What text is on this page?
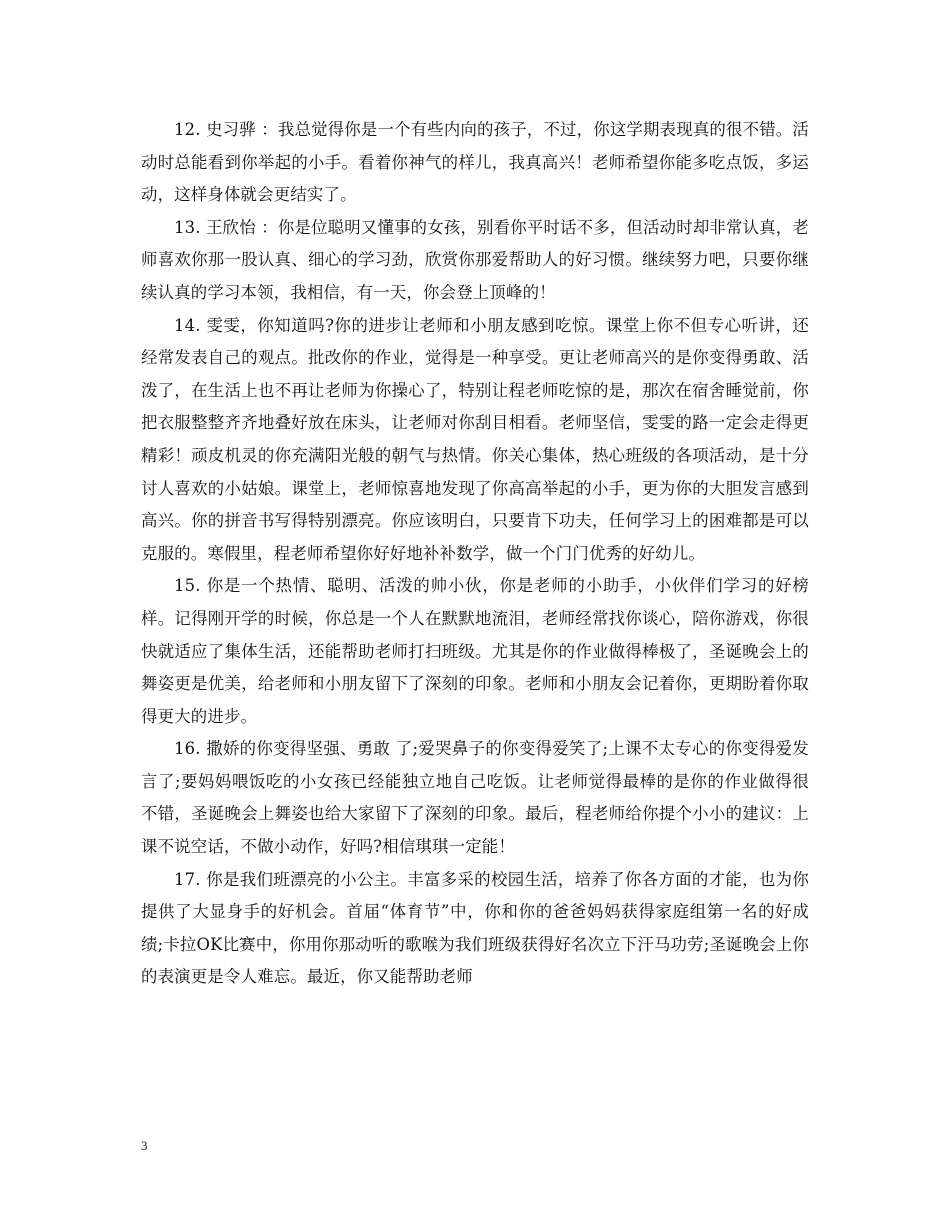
12. 史习骅 ：我总觉得你是一个有些内向的孩子，不过，你这学期表现真的很不错。活动时总能看到你举起的小手。看着你神气的样儿，我真高兴！老师希望你能多吃点饭，多运动，这样身体就会更结实了。

13. 王欣怡 ：你是位聪明又懂事的女孩，别看你平时话不多，但活动时却非常认真，老师喜欢你那一股认真、细心的学习劲，欣赏你那爱帮助人的好习惯。继续努力吧，只要你继续认真的学习本领，我相信，有一天，你会登上顶峰的！

14. 雯雯，你知道吗?你的进步让老师和小朋友感到吃惊。课堂上你不但专心听讲，还经常发表自己的观点。批改你的作业，觉得是一种享受。更让老师高兴的是你变得勇敢、活泼了，在生活上也不再让老师为你操心了，特别让程老师吃惊的是，那次在宿舍睡觉前，你把衣服整整齐齐地叠好放在床头，让老师对你刮目相看。老师坚信，雯雯的路一定会走得更精彩！顽皮机灵的你充满阳光般的朝气与热情。你关心集体，热心班级的各项活动，是十分讨人喜欢的小姑娘。课堂上，老师惊喜地发现了你高高举起的小手，更为你的大胆发言感到高兴。你的拼音书写得特别漂亮。你应该明白，只要肯下功夫，任何学习上的困难都是可以克服的。寒假里，程老师希望你好好地补补数学，做一个门门优秀的好幼儿。

15. 你是一个热情、聪明、活泼的帅小伙，你是老师的小助手，小伙伴们学习的好榜样。记得刚开学的时候，你总是一个人在默默地流泪，老师经常找你谈心，陪你游戏，你很快就适应了集体生活，还能帮助老师打扫班级。尤其是你的作业做得棒极了，圣诞晚会上的舞姿更是优美，给老师和小朋友留下了深刻的印象。老师和小朋友会记着你，更期盼着你取得更大的进步。

16. 撒娇的你变得坚强、勇敢 了;爱哭鼻子的你变得爱笑了;上课不太专心的你变得爱发言了;要妈妈喂饭吃的小女孩已经能独立地自己吃饭。让老师觉得最棒的是你的作业做得很不错，圣诞晚会上舞姿也给大家留下了深刻的印象。最后，程老师给你提个小小的建议：上课不说空话，不做小动作，好吗?相信琪琪一定能！

17. 你是我们班漂亮的小公主。丰富多采的校园生活，培养了你各方面的才能，也为你提供了大显身手的好机会。首届“体育节”中，你和你的爸爸妈妈获得家庭组第一名的好成绩;卡拉OK比赛中，你用你那动听的歌喉为我们班级获得好名次立下汗马功劳;圣诞晚会上你的表演更是令人难忘。最近，你又能帮助老师

3
